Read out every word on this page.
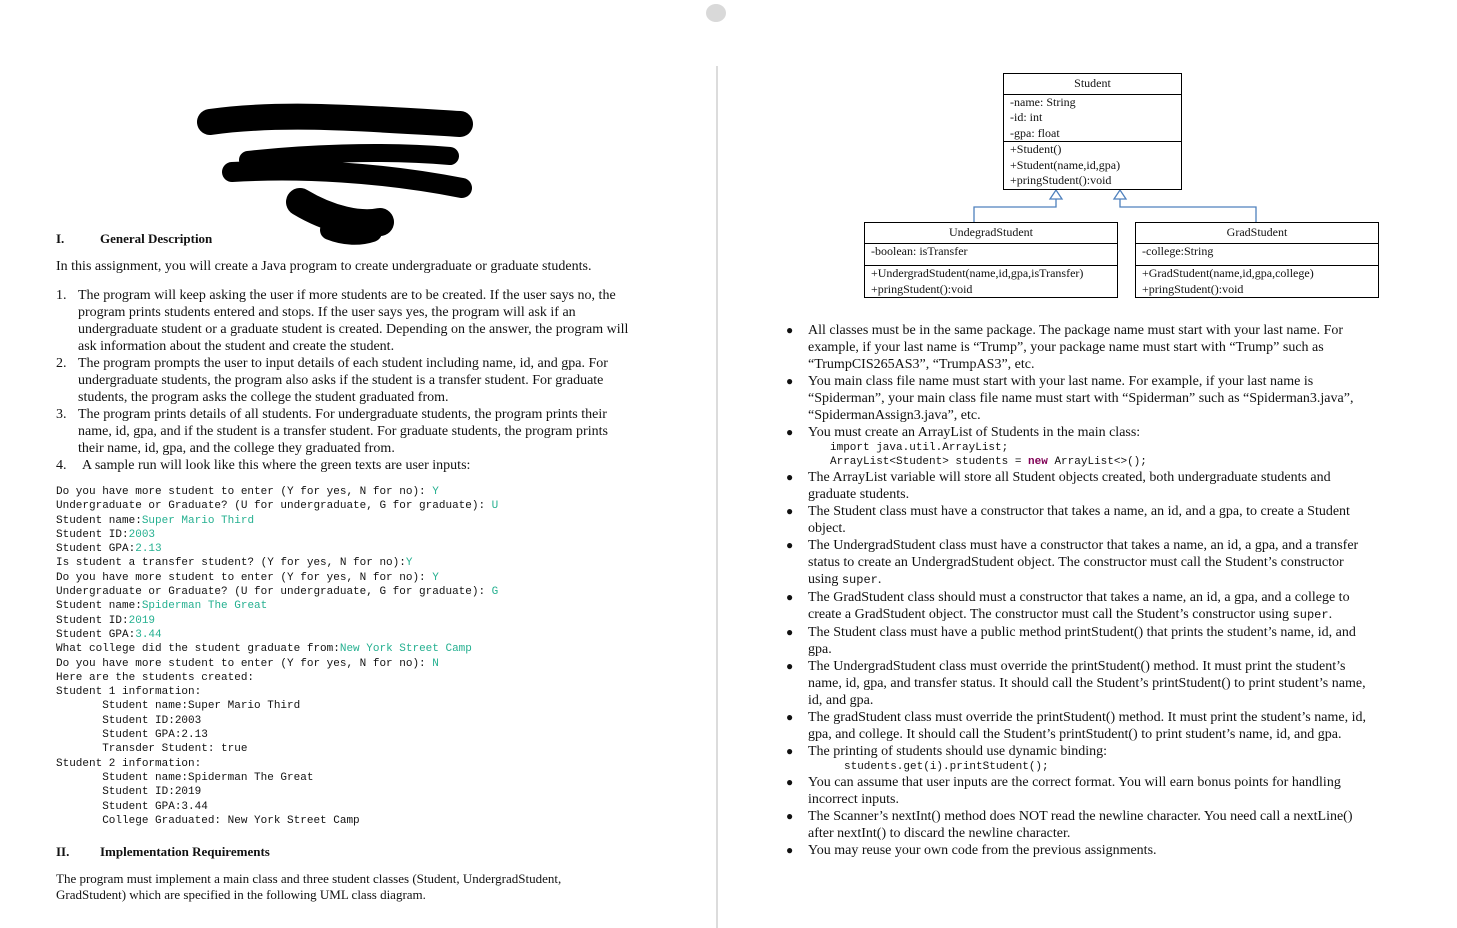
I.	General Description
In this assignment, you will create a Java program to create undergraduate or graduate students.
1. The program will keep asking the user if more students are to be created. If the user says no, the program prints students entered and stops. If the user says yes, the program will ask if an undergraduate student or a graduate student is created. Depending on the answer, the program will ask information about the student and create the student.
2. The program prompts the user to input details of each student including name, id, and gpa. For undergraduate students, the program also asks if the student is a transfer student. For graduate students, the program asks the college the student graduated from.
3. The program prints details of all students. For undergraduate students, the program prints their name, id, gpa, and if the student is a transfer student. For graduate students, the program prints their name, id, gpa, and the college they graduated from.
4. A sample run will look like this where the green texts are user inputs:
Do you have more student to enter (Y for yes, N for no): Y
Undergraduate or Graduate? (U for undergraduate, G for graduate): U
Student name:Super Mario Third
Student ID:2003
Student GPA:2.13
Is student a transfer student? (Y for yes, N for no):Y
Do you have more student to enter (Y for yes, N for no): Y
Undergraduate or Graduate? (U for undergraduate, G for graduate): G
Student name:Spiderman The Great
Student ID:2019
Student GPA:3.44
What college did the student graduate from:New York Street Camp
Do you have more student to enter (Y for yes, N for no): N
Here are the students created:
Student 1 information:
Student name:Super Mario Third
Student ID:2003
Student GPA:2.13
Transder Student: true
Student 2 information:
Student name:Spiderman The Great
Student ID:2019
Student GPA:3.44
College Graduated: New York Street Camp
II. Implementation Requirements
The program must implement a main class and three student classes (Student, UndergradStudent, GradStudent) which are specified in the following UML class diagram.
Student
-name: String
-id: int
-gpa: float
+Student()
+Student(name,id,gpa)
+pringStudent():void
UndegradStudent
-boolean: isTransfer
+UndergradStudent(name,id,gpa,isTransfer)
+pringStudent():void
GradStudent
-college:String
+GradStudent(name,id,gpa,college)
+pringStudent():void
● All classes must be in the same package. The package name must start with your last name. For example, if your last name is “Trump”, your package name must start with “Trump” such as “TrumpCIS265AS3”, “TrumpAS3”, etc.
● You main class file name must start with your last name. For example, if your last name is “Spiderman”, your main class file name must start with “Spiderman” such as “Spiderman3.java”, “SpidermanAssign3.java”, etc.
● You must create an ArrayList of Students in the main class:
import java.util.ArrayList;
ArrayList<Student> students = new ArrayList<>();
● The ArrayList variable will store all Student objects created, both undergraduate students and graduate students.
● The Student class must have a constructor that takes a name, an id, and a gpa, to create a Student object.
● The UndergradStudent class must have a constructor that takes a name, an id, a gpa, and a transfer status to create an UndergradStudent object. The constructor must call the Student’s constructor using super.
● The GradStudent class should must a constructor that takes a name, an id, a gpa, and a college to create a GradStudent object. The constructor must call the Student’s constructor using super.
● The Student class must have a public method printStudent() that prints the student’s name, id, and gpa.
● The UndergradStudent class must override the printStudent() method. It must print the student’s name, id, gpa, and transfer status. It should call the Student’s printStudent() to print student’s name, id, and gpa.
● The gradStudent class must override the printStudent() method. It must print the student’s name, id, gpa, and college. It should call the Student’s printStudent() to print student’s name, id, and gpa.
● The printing of students should use dynamic binding:
students.get(i).printStudent();
● You can assume that user inputs are the correct format. You will earn bonus points for handling incorrect inputs.
● The Scanner’s nextInt() method does NOT read the newline character. You need call a nextLine() after nextInt() to discard the newline character.
● You may reuse your own code from the previous assignments.
